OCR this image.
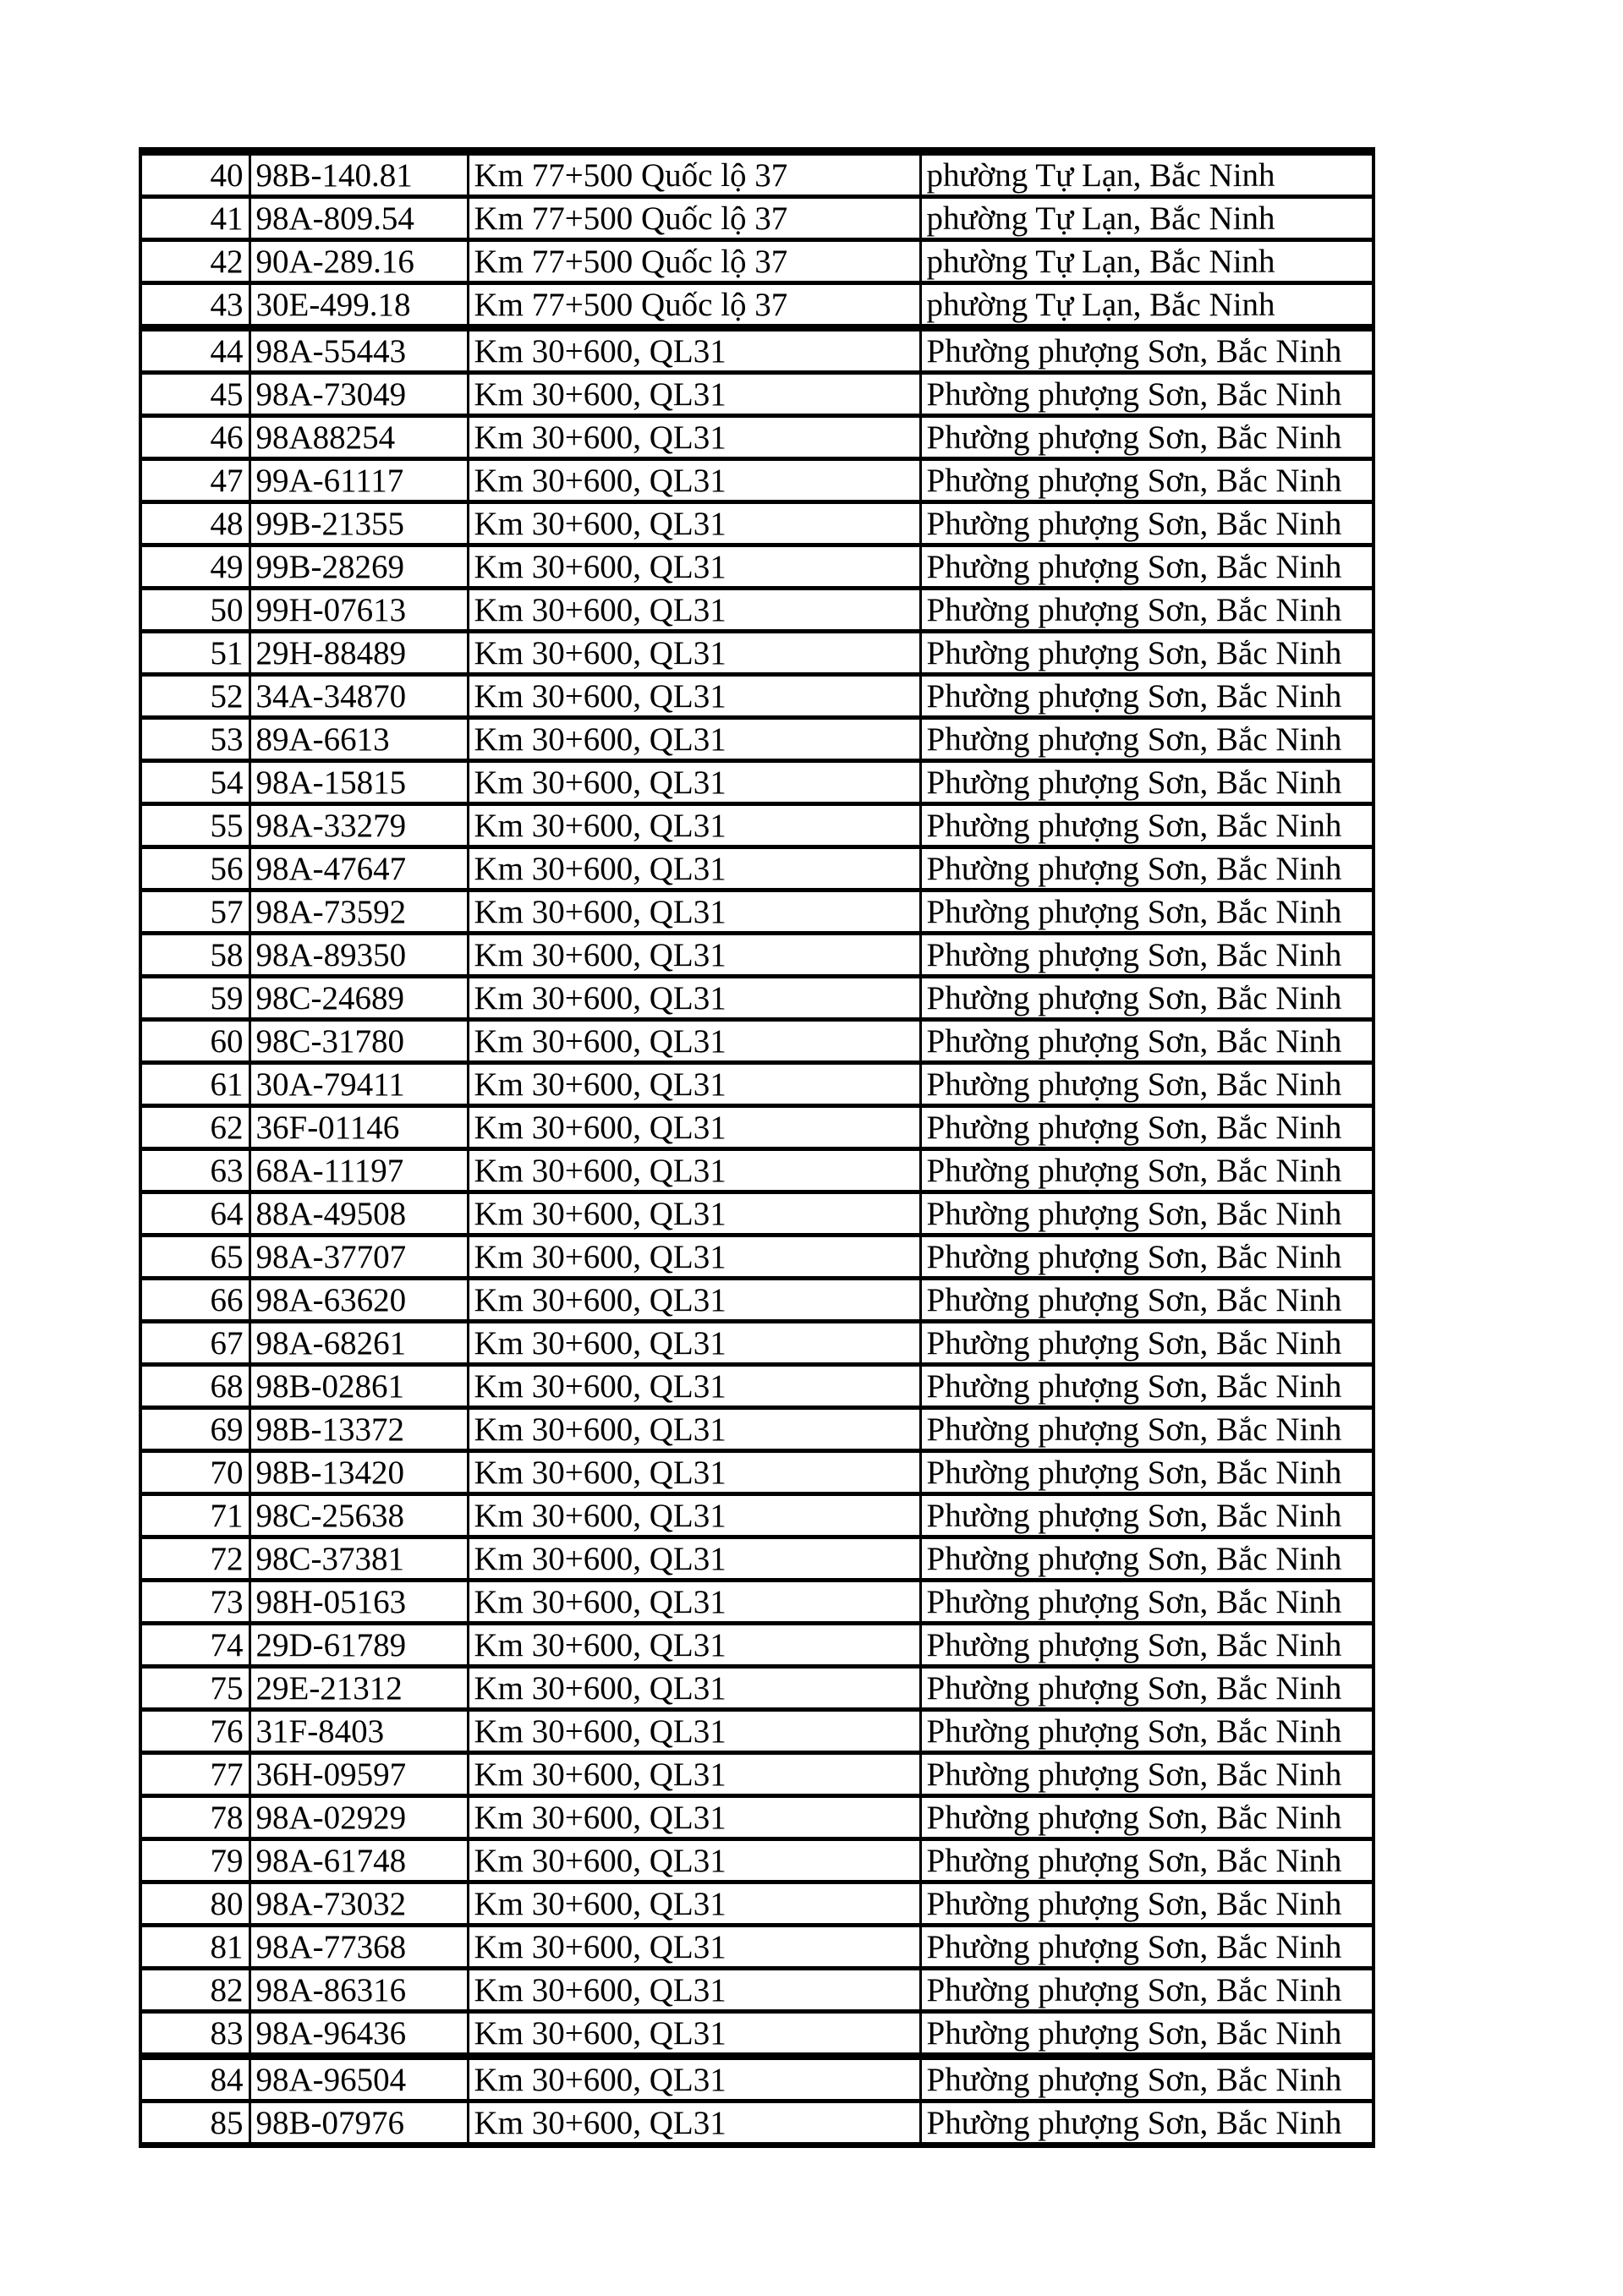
40	98B-140.81	Km 77+500 Quốc lộ 37	phường Tự Lạn, Bắc Ninh
41	98A-809.54	Km 77+500 Quốc lộ 37	phường Tự Lạn, Bắc Ninh
42	90A-289.16	Km 77+500 Quốc lộ 37	phường Tự Lạn, Bắc Ninh
43	30E-499.18	Km 77+500 Quốc lộ 37	phường Tự Lạn, Bắc Ninh
44	98A-55443	Km 30+600, QL31	Phường phượng Sơn, Bắc Ninh
45	98A-73049	Km 30+600, QL31	Phường phượng Sơn, Bắc Ninh
46	98A88254	Km 30+600, QL31	Phường phượng Sơn, Bắc Ninh
47	99A-61117	Km 30+600, QL31	Phường phượng Sơn, Bắc Ninh
48	99B-21355	Km 30+600, QL31	Phường phượng Sơn, Bắc Ninh
49	99B-28269	Km 30+600, QL31	Phường phượng Sơn, Bắc Ninh
50	99H-07613	Km 30+600, QL31	Phường phượng Sơn, Bắc Ninh
51	29H-88489	Km 30+600, QL31	Phường phượng Sơn, Bắc Ninh
52	34A-34870	Km 30+600, QL31	Phường phượng Sơn, Bắc Ninh
53	89A-6613	Km 30+600, QL31	Phường phượng Sơn, Bắc Ninh
54	98A-15815	Km 30+600, QL31	Phường phượng Sơn, Bắc Ninh
55	98A-33279	Km 30+600, QL31	Phường phượng Sơn, Bắc Ninh
56	98A-47647	Km 30+600, QL31	Phường phượng Sơn, Bắc Ninh
57	98A-73592	Km 30+600, QL31	Phường phượng Sơn, Bắc Ninh
58	98A-89350	Km 30+600, QL31	Phường phượng Sơn, Bắc Ninh
59	98C-24689	Km 30+600, QL31	Phường phượng Sơn, Bắc Ninh
60	98C-31780	Km 30+600, QL31	Phường phượng Sơn, Bắc Ninh
61	30A-79411	Km 30+600, QL31	Phường phượng Sơn, Bắc Ninh
62	36F-01146	Km 30+600, QL31	Phường phượng Sơn, Bắc Ninh
63	68A-11197	Km 30+600, QL31	Phường phượng Sơn, Bắc Ninh
64	88A-49508	Km 30+600, QL31	Phường phượng Sơn, Bắc Ninh
65	98A-37707	Km 30+600, QL31	Phường phượng Sơn, Bắc Ninh
66	98A-63620	Km 30+600, QL31	Phường phượng Sơn, Bắc Ninh
67	98A-68261	Km 30+600, QL31	Phường phượng Sơn, Bắc Ninh
68	98B-02861	Km 30+600, QL31	Phường phượng Sơn, Bắc Ninh
69	98B-13372	Km 30+600, QL31	Phường phượng Sơn, Bắc Ninh
70	98B-13420	Km 30+600, QL31	Phường phượng Sơn, Bắc Ninh
71	98C-25638	Km 30+600, QL31	Phường phượng Sơn, Bắc Ninh
72	98C-37381	Km 30+600, QL31	Phường phượng Sơn, Bắc Ninh
73	98H-05163	Km 30+600, QL31	Phường phượng Sơn, Bắc Ninh
74	29D-61789	Km 30+600, QL31	Phường phượng Sơn, Bắc Ninh
75	29E-21312	Km 30+600, QL31	Phường phượng Sơn, Bắc Ninh
76	31F-8403	Km 30+600, QL31	Phường phượng Sơn, Bắc Ninh
77	36H-09597	Km 30+600, QL31	Phường phượng Sơn, Bắc Ninh
78	98A-02929	Km 30+600, QL31	Phường phượng Sơn, Bắc Ninh
79	98A-61748	Km 30+600, QL31	Phường phượng Sơn, Bắc Ninh
80	98A-73032	Km 30+600, QL31	Phường phượng Sơn, Bắc Ninh
81	98A-77368	Km 30+600, QL31	Phường phượng Sơn, Bắc Ninh
82	98A-86316	Km 30+600, QL31	Phường phượng Sơn, Bắc Ninh
83	98A-96436	Km 30+600, QL31	Phường phượng Sơn, Bắc Ninh
84	98A-96504	Km 30+600, QL31	Phường phượng Sơn, Bắc Ninh
85	98B-07976	Km 30+600, QL31	Phường phượng Sơn, Bắc Ninh
